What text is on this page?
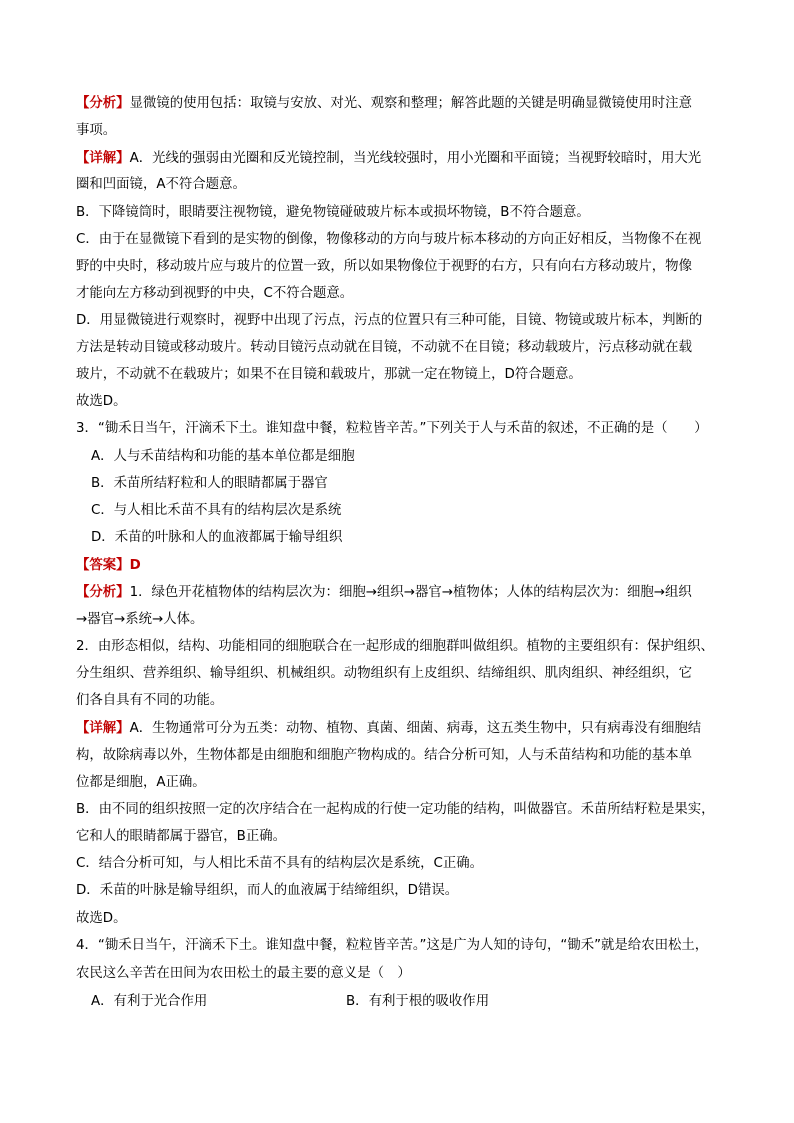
【分析】显微镜的使用包括：取镜与安放、对光、观察和整理；解答此题的关键是明确显微镜使用时注意
事项。
【详解】A．光线的强弱由光圈和反光镜控制，当光线较强时，用小光圈和平面镜；当视野较暗时，用大光
圈和凹面镜，A不符合题意。
B．下降镜筒时，眼睛要注视物镜，避免物镜碰破玻片标本或损坏物镜，B不符合题意。
C．由于在显微镜下看到的是实物的倒像，物像移动的方向与玻片标本移动的方向正好相反，当物像不在视
野的中央时，移动玻片应与玻片的位置一致，所以如果物像位于视野的右方，只有向右方移动玻片，物像
才能向左方移动到视野的中央，C不符合题意。
D．用显微镜进行观察时，视野中出现了污点，污点的位置只有三种可能，目镜、物镜或玻片标本，判断的
方法是转动目镜或移动玻片。转动目镜污点动就在目镜，不动就不在目镜；移动载玻片，污点移动就在载
玻片，不动就不在载玻片；如果不在目镜和载玻片，那就一定在物镜上，D符合题意。
故选D。
3．“锄禾日当午，汗滴禾下土。谁知盘中餐，粒粒皆辛苦。”下列关于人与禾苗的叙述，不正确的是（　　）
A．人与禾苗结构和功能的基本单位都是细胞
B．禾苗所结籽粒和人的眼睛都属于器官
C．与人相比禾苗不具有的结构层次是系统
D．禾苗的叶脉和人的血液都属于输导组织
【答案】D
【分析】1．绿色开花植物体的结构层次为：细胞→组织→器官→植物体；人体的结构层次为：细胞→组织
→器官→系统→人体。
2．由形态相似，结构、功能相同的细胞联合在一起形成的细胞群叫做组织。植物的主要组织有：保护组织、
分生组织、营养组织、输导组织、机械组织。动物组织有上皮组织、结缔组织、肌肉组织、神经组织，它
们各自具有不同的功能。
【详解】A．生物通常可分为五类：动物、植物、真菌、细菌、病毒，这五类生物中，只有病毒没有细胞结
构，故除病毒以外，生物体都是由细胞和细胞产物构成的。结合分析可知，人与禾苗结构和功能的基本单
位都是细胞，A正确。
B．由不同的组织按照一定的次序结合在一起构成的行使一定功能的结构，叫做器官。禾苗所结籽粒是果实，
它和人的眼睛都属于器官，B正确。
C．结合分析可知，与人相比禾苗不具有的结构层次是系统，C正确。
D．禾苗的叶脉是输导组织，而人的血液属于结缔组织，D错误。
故选D。
4．“锄禾日当午，汗滴禾下土。谁知盘中餐，粒粒皆辛苦。”这是广为人知的诗句，“锄禾”就是给农田松土，
农民这么辛苦在田间为农田松土的最主要的意义是（　）
A．有利于光合作用	B．有利于根的吸收作用
